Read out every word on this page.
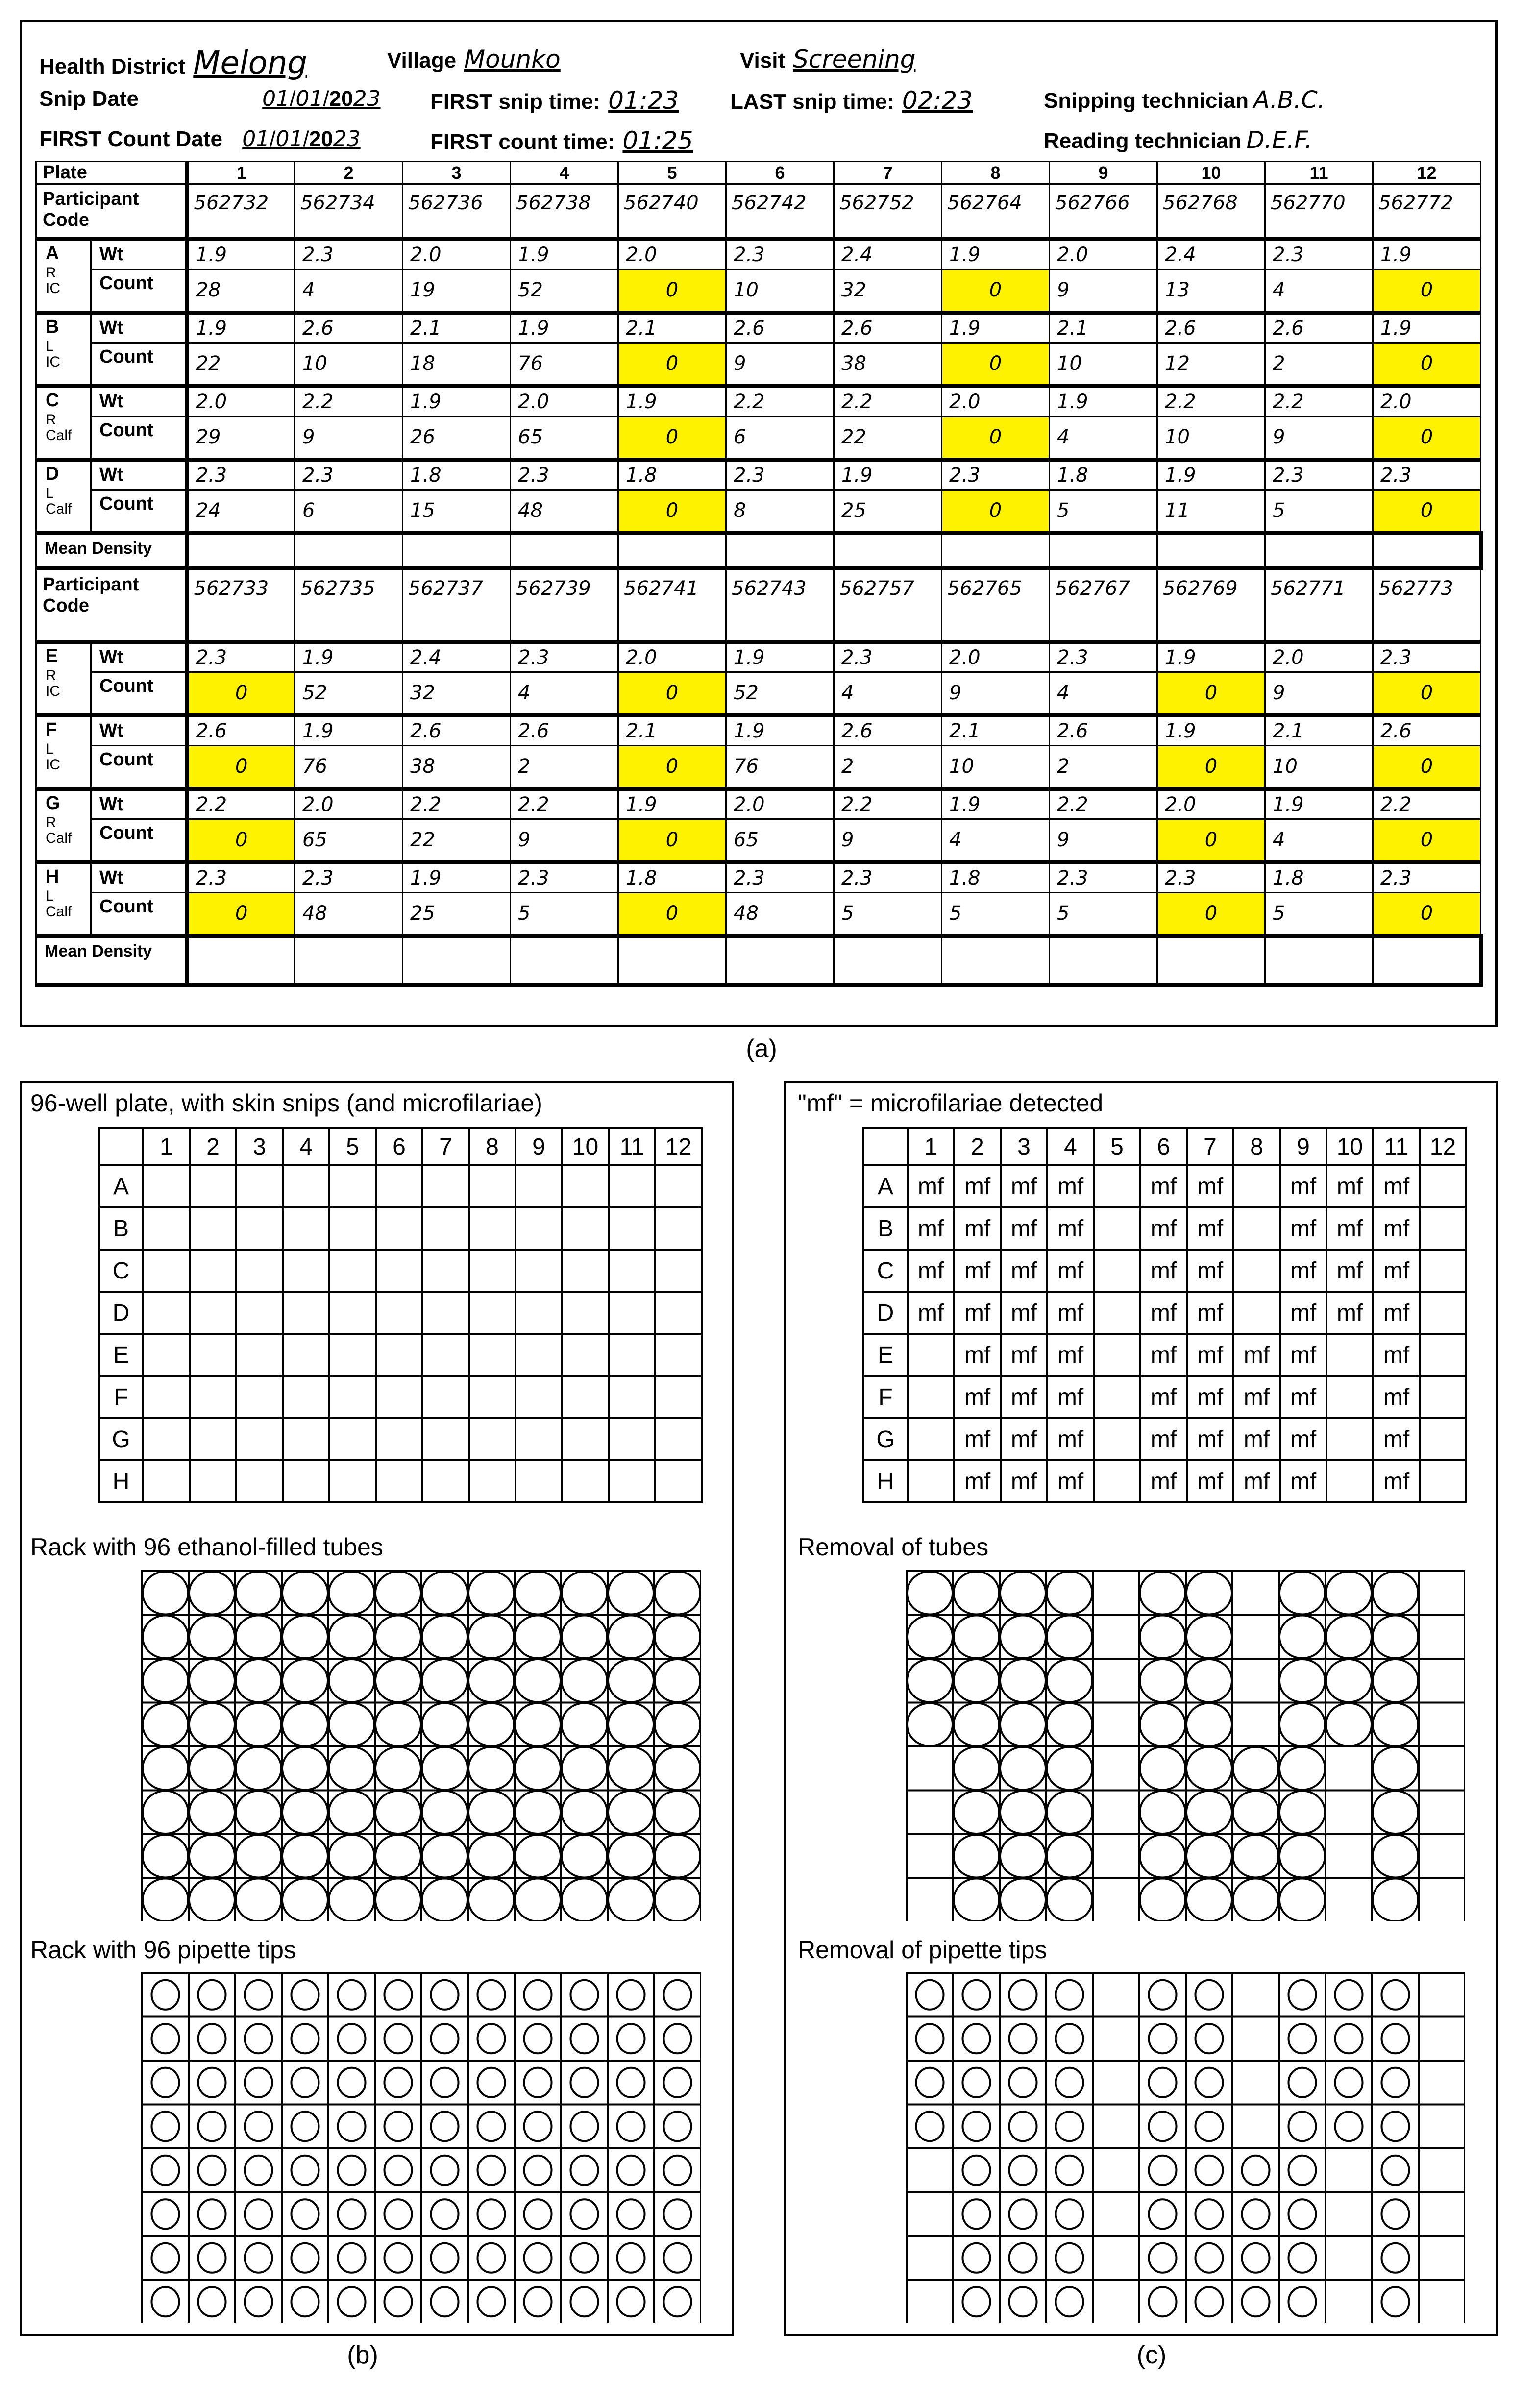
Health District Melong	Village Mounko	Visit Screening
Snip Date	01/01/2023 FIRST snip time: 01:23 LAST snip time: 02:23	Snipping technician A.B.C.
FIRST Count Date 01/01/2023	FIRST count time: 01:25	Reading technician D.E.F.
Plate		1	2	3	4	5	6	7	8	9	10	11	12
Participant Code		562732	562734	562736	562738	562740	562742	562752	562764	562766	562768	562770	562772

A
R
IC	Wt	1.9	2.3	2.0	1.9	2.0	2.3	2.4	1.9	2.0	2.4	2.3	1.9
	Count	28	4	19	52	0	10	32	0	9	13	4	0

B
L
IC	Wt	1.9	2.6	2.1	1.9	2.1	2.6	2.6	1.9	2.1	2.6	2.6	1.9
	Count	22	10	18	76	0	9	38	0	10	12	2	0

C
R
Calf	Wt	2.0	2.2	1.9	2.0	1.9	2.2	2.2	2.0	1.9	2.2	2.2	2.0
	Count	29	9	26	65	0	6	22	0	4	10	9	0

D
L
Calf	Wt	2.3	2.3	1.8	2.3	1.8	2.3	1.9	2.3	1.8	1.9	2.3	2.3
	Count	24	6	15	48	0	8	25	0	5	11	5	0
Mean Density													
Participant Code		562733	562735	562737	562739	562741	562743	562757	562765	562767	562769	562771	562773

E
R
IC	Wt	2.3	1.9	2.4	2.3	2.0	1.9	2.3	2.0	2.3	1.9	2.0	2.3
	Count	0	52	32	4	0	52	4	9	4	0	9	0

F
L
IC	Wt	2.6	1.9	2.6	2.6	2.1	1.9	2.6	2.1	2.6	1.9	2.1	2.6
	Count	0	76	38	2	0	76	2	10	2	0	10	0

G
R
Calf	Wt	2.2	2.0	2.2	2.2	1.9	2.0	2.2	1.9	2.2	2.0	1.9	2.2
	Count	0	65	22	9	0	65	9	4	9	0	4	0

H
L
Calf	Wt	2.3	2.3	1.9	2.3	1.8	2.3	2.3	1.8	2.3	2.3	1.8	2.3
	Count	0	48	25	5	0	48	5	5	5	0	5	0
Mean Density													
(a)
96-well plate, with skin snips (and microfilariae)
	1	2	3	4	5	6	7	8	9	10	11	12
A												
B												
C												
D												
E												
F												
G												
H												
Rack with 96 ethanol-filled tubes
Rack with 96 pipette tips
(b)
"mf" = microfilariae detected
	1	2	3	4	5	6	7	8	9	10	11	12
A	mf	mf	mf	mf		mf	mf		mf	mf	mf	
B	mf	mf	mf	mf		mf	mf		mf	mf	mf	
C	mf	mf	mf	mf		mf	mf		mf	mf	mf	
D	mf	mf	mf	mf		mf	mf		mf	mf	mf	
E		mf	mf	mf		mf	mf	mf	mf		mf	
F		mf	mf	mf		mf	mf	mf	mf		mf	
G		mf	mf	mf		mf	mf	mf	mf		mf	
H		mf	mf	mf		mf	mf	mf	mf		mf	
Removal of tubes
Removal of pipette tips
(c)
